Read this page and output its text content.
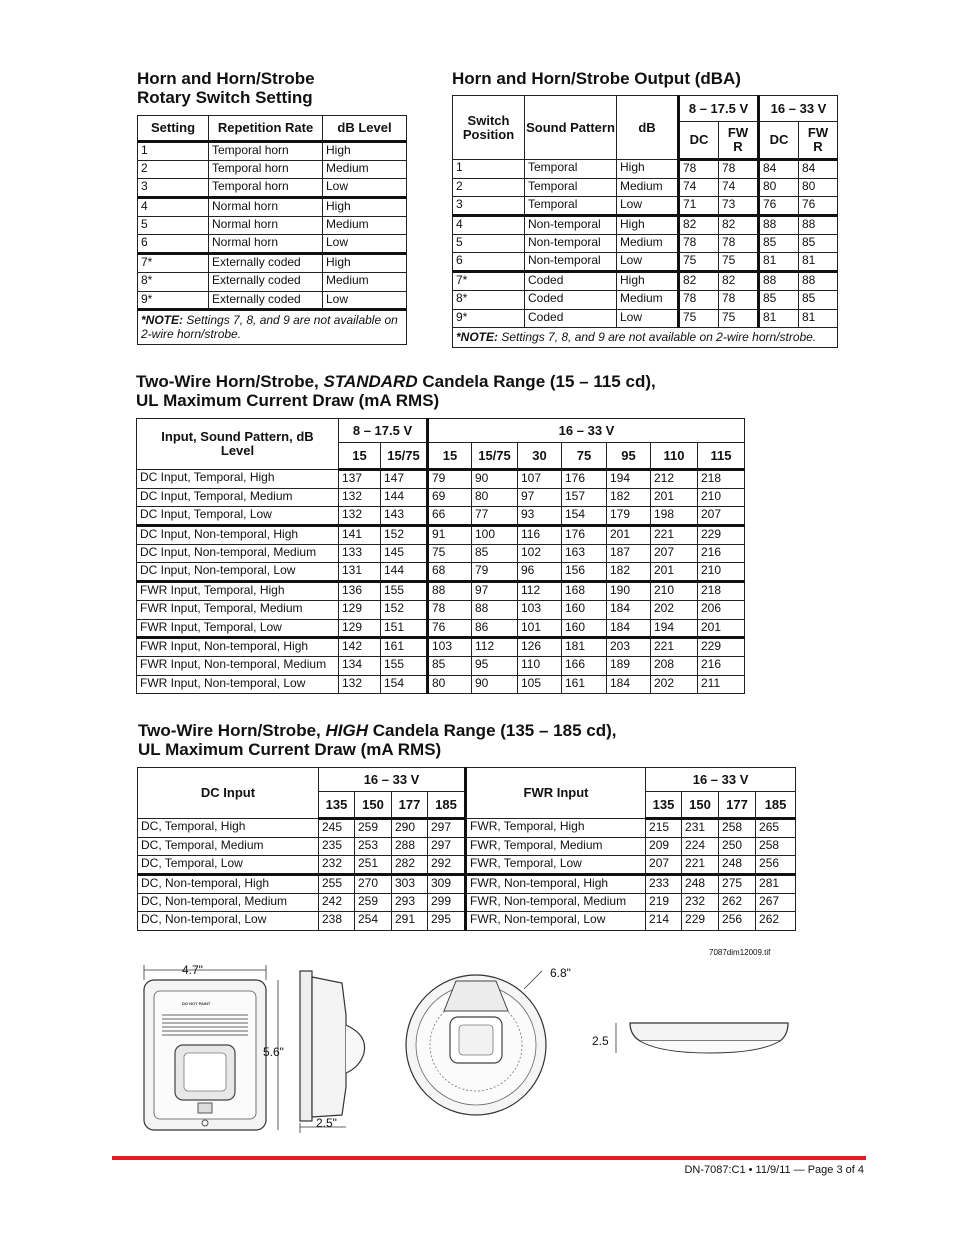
Horn and Horn/Strobe
Rotary Switch Setting
Setting	Repetition Rate	dB Level
1	Temporal horn	High
2	Temporal horn	Medium
3	Temporal horn	Low
4	Normal horn	High
5	Normal horn	Medium
6	Normal horn	Low
7*	Externally coded	High
8*	Externally coded	Medium
9*	Externally coded	Low
*NOTE: Settings 7, 8, and 9 are not available on 2-wire horn/strobe.		
Horn and Horn/Strobe Output (dBA)
Switch Position	Sound Pattern	dB	8 – 17.5 V		16 – 33 V	
			DC	FW R	DC	FW R
1	Temporal	High	78	78	84	84
2	Temporal	Medium	74	74	80	80
3	Temporal	Low	71	73	76	76
4	Non-temporal	High	82	82	88	88
5	Non-temporal	Medium	78	78	85	85
6	Non-temporal	Low	75	75	81	81
7*	Coded	High	82	82	88	88
8*	Coded	Medium	78	78	85	85
9*	Coded	Low	75	75	81	81
*NOTE: Settings 7, 8, and 9 are not available on 2-wire horn/strobe.						
Two-Wire Horn/Strobe, STANDARD Candela Range (15 – 115 cd),
UL Maximum Current Draw (mA RMS)
Input, Sound Pattern, dB Level	8 – 17.5 V		16 – 33 V						
	15	15/75	15	15/75	30	75	95	110	115
DC Input, Temporal, High	137	147	79	90	107	176	194	212	218
DC Input, Temporal, Medium	132	144	69	80	97	157	182	201	210
DC Input, Temporal, Low	132	143	66	77	93	154	179	198	207
DC Input, Non-temporal, High	141	152	91	100	116	176	201	221	229
DC Input, Non-temporal, Medium	133	145	75	85	102	163	187	207	216
DC Input, Non-temporal, Low	131	144	68	79	96	156	182	201	210
FWR Input, Temporal, High	136	155	88	97	112	168	190	210	218
FWR Input, Temporal, Medium	129	152	78	88	103	160	184	202	206
FWR Input, Temporal, Low	129	151	76	86	101	160	184	194	201
FWR Input, Non-temporal, High	142	161	103	112	126	181	203	221	229
FWR Input, Non-temporal, Medium	134	155	85	95	110	166	189	208	216
FWR Input, Non-temporal, Low	132	154	80	90	105	161	184	202	211
Two-Wire Horn/Strobe, HIGH Candela Range (135 – 185 cd),
UL Maximum Current Draw (mA RMS)
DC Input	16 – 33 V				FWR Input	16 – 33 V			
	135	150	177	185		135	150	177	185
DC, Temporal, High	245	259	290	297	FWR, Temporal, High	215	231	258	265
DC, Temporal, Medium	235	253	288	297	FWR, Temporal, Medium	209	224	250	258
DC, Temporal, Low	232	251	282	292	FWR, Temporal, Low	207	221	248	256
DC, Non-temporal, High	255	270	303	309	FWR, Non-temporal, High	233	248	275	281
DC, Non-temporal, Medium	242	259	293	299	FWR, Non-temporal, Medium	219	232	262	267
DC, Non-temporal, Low	238	254	291	295	FWR, Non-temporal, Low	214	229	256	262
7087dim12009.tif
DO NOT PAINT
4.7"
5.6"
2.5"
6.8"
2.5
DN-7087:C1 • 11/9/11 — Page 3 of 4
